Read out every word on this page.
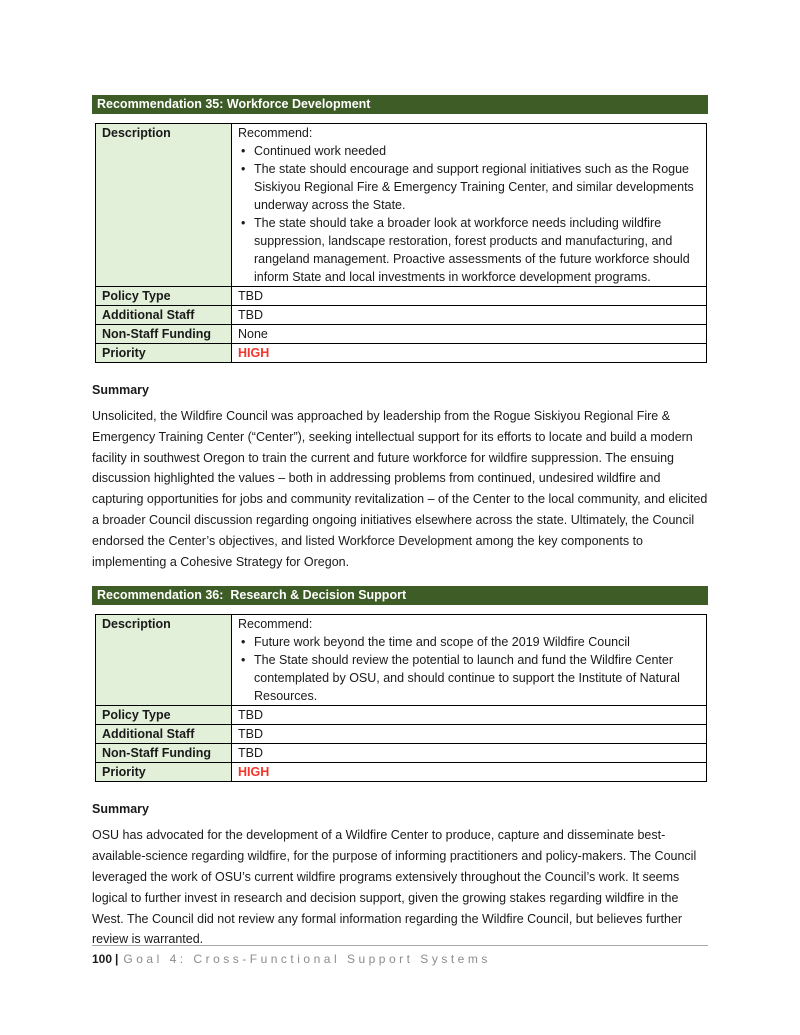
Recommendation 35: Workforce Development
Description	Recommend:
• Continued work needed
• The state should encourage and support regional initiatives such as the Rogue Siskiyou Regional Fire & Emergency Training Center, and similar developments underway across the State.
• The state should take a broader look at workforce needs including wildfire suppression, landscape restoration, forest products and manufacturing, and rangeland management. Proactive assessments of the future workforce should inform State and local investments in workforce development programs.

Policy Type	TBD
Additional Staff	TBD
Non-Staff Funding	None
Priority	HIGH
Summary
Unsolicited, the Wildfire Council was approached by leadership from the Rogue Siskiyou Regional Fire & Emergency Training Center (“Center”), seeking intellectual support for its efforts to locate and build a modern facility in southwest Oregon to train the current and future workforce for wildfire suppression. The ensuing discussion highlighted the values – both in addressing problems from continued, undesired wildfire and capturing opportunities for jobs and community revitalization – of the Center to the local community, and elicited a broader Council discussion regarding ongoing initiatives elsewhere across the state. Ultimately, the Council endorsed the Center’s objectives, and listed Workforce Development among the key components to implementing a Cohesive Strategy for Oregon.
Recommendation 36:  Research & Decision Support
Description	Recommend:
• Future work beyond the time and scope of the 2019 Wildfire Council
• The State should review the potential to launch and fund the Wildfire Center contemplated by OSU, and should continue to support the Institute of Natural Resources.

Policy Type	TBD
Additional Staff	TBD
Non-Staff Funding	TBD
Priority	HIGH
Summary
OSU has advocated for the development of a Wildfire Center to produce, capture and disseminate best-available-science regarding wildfire, for the purpose of informing practitioners and policy-makers. The Council leveraged the work of OSU’s current wildfire programs extensively throughout the Council’s work. It seems logical to further invest in research and decision support, given the growing stakes regarding wildfire in the West. The Council did not review any formal information regarding the Wildfire Council, but believes further review is warranted.
100 | Goal 4: Cross-Functional Support Systems
